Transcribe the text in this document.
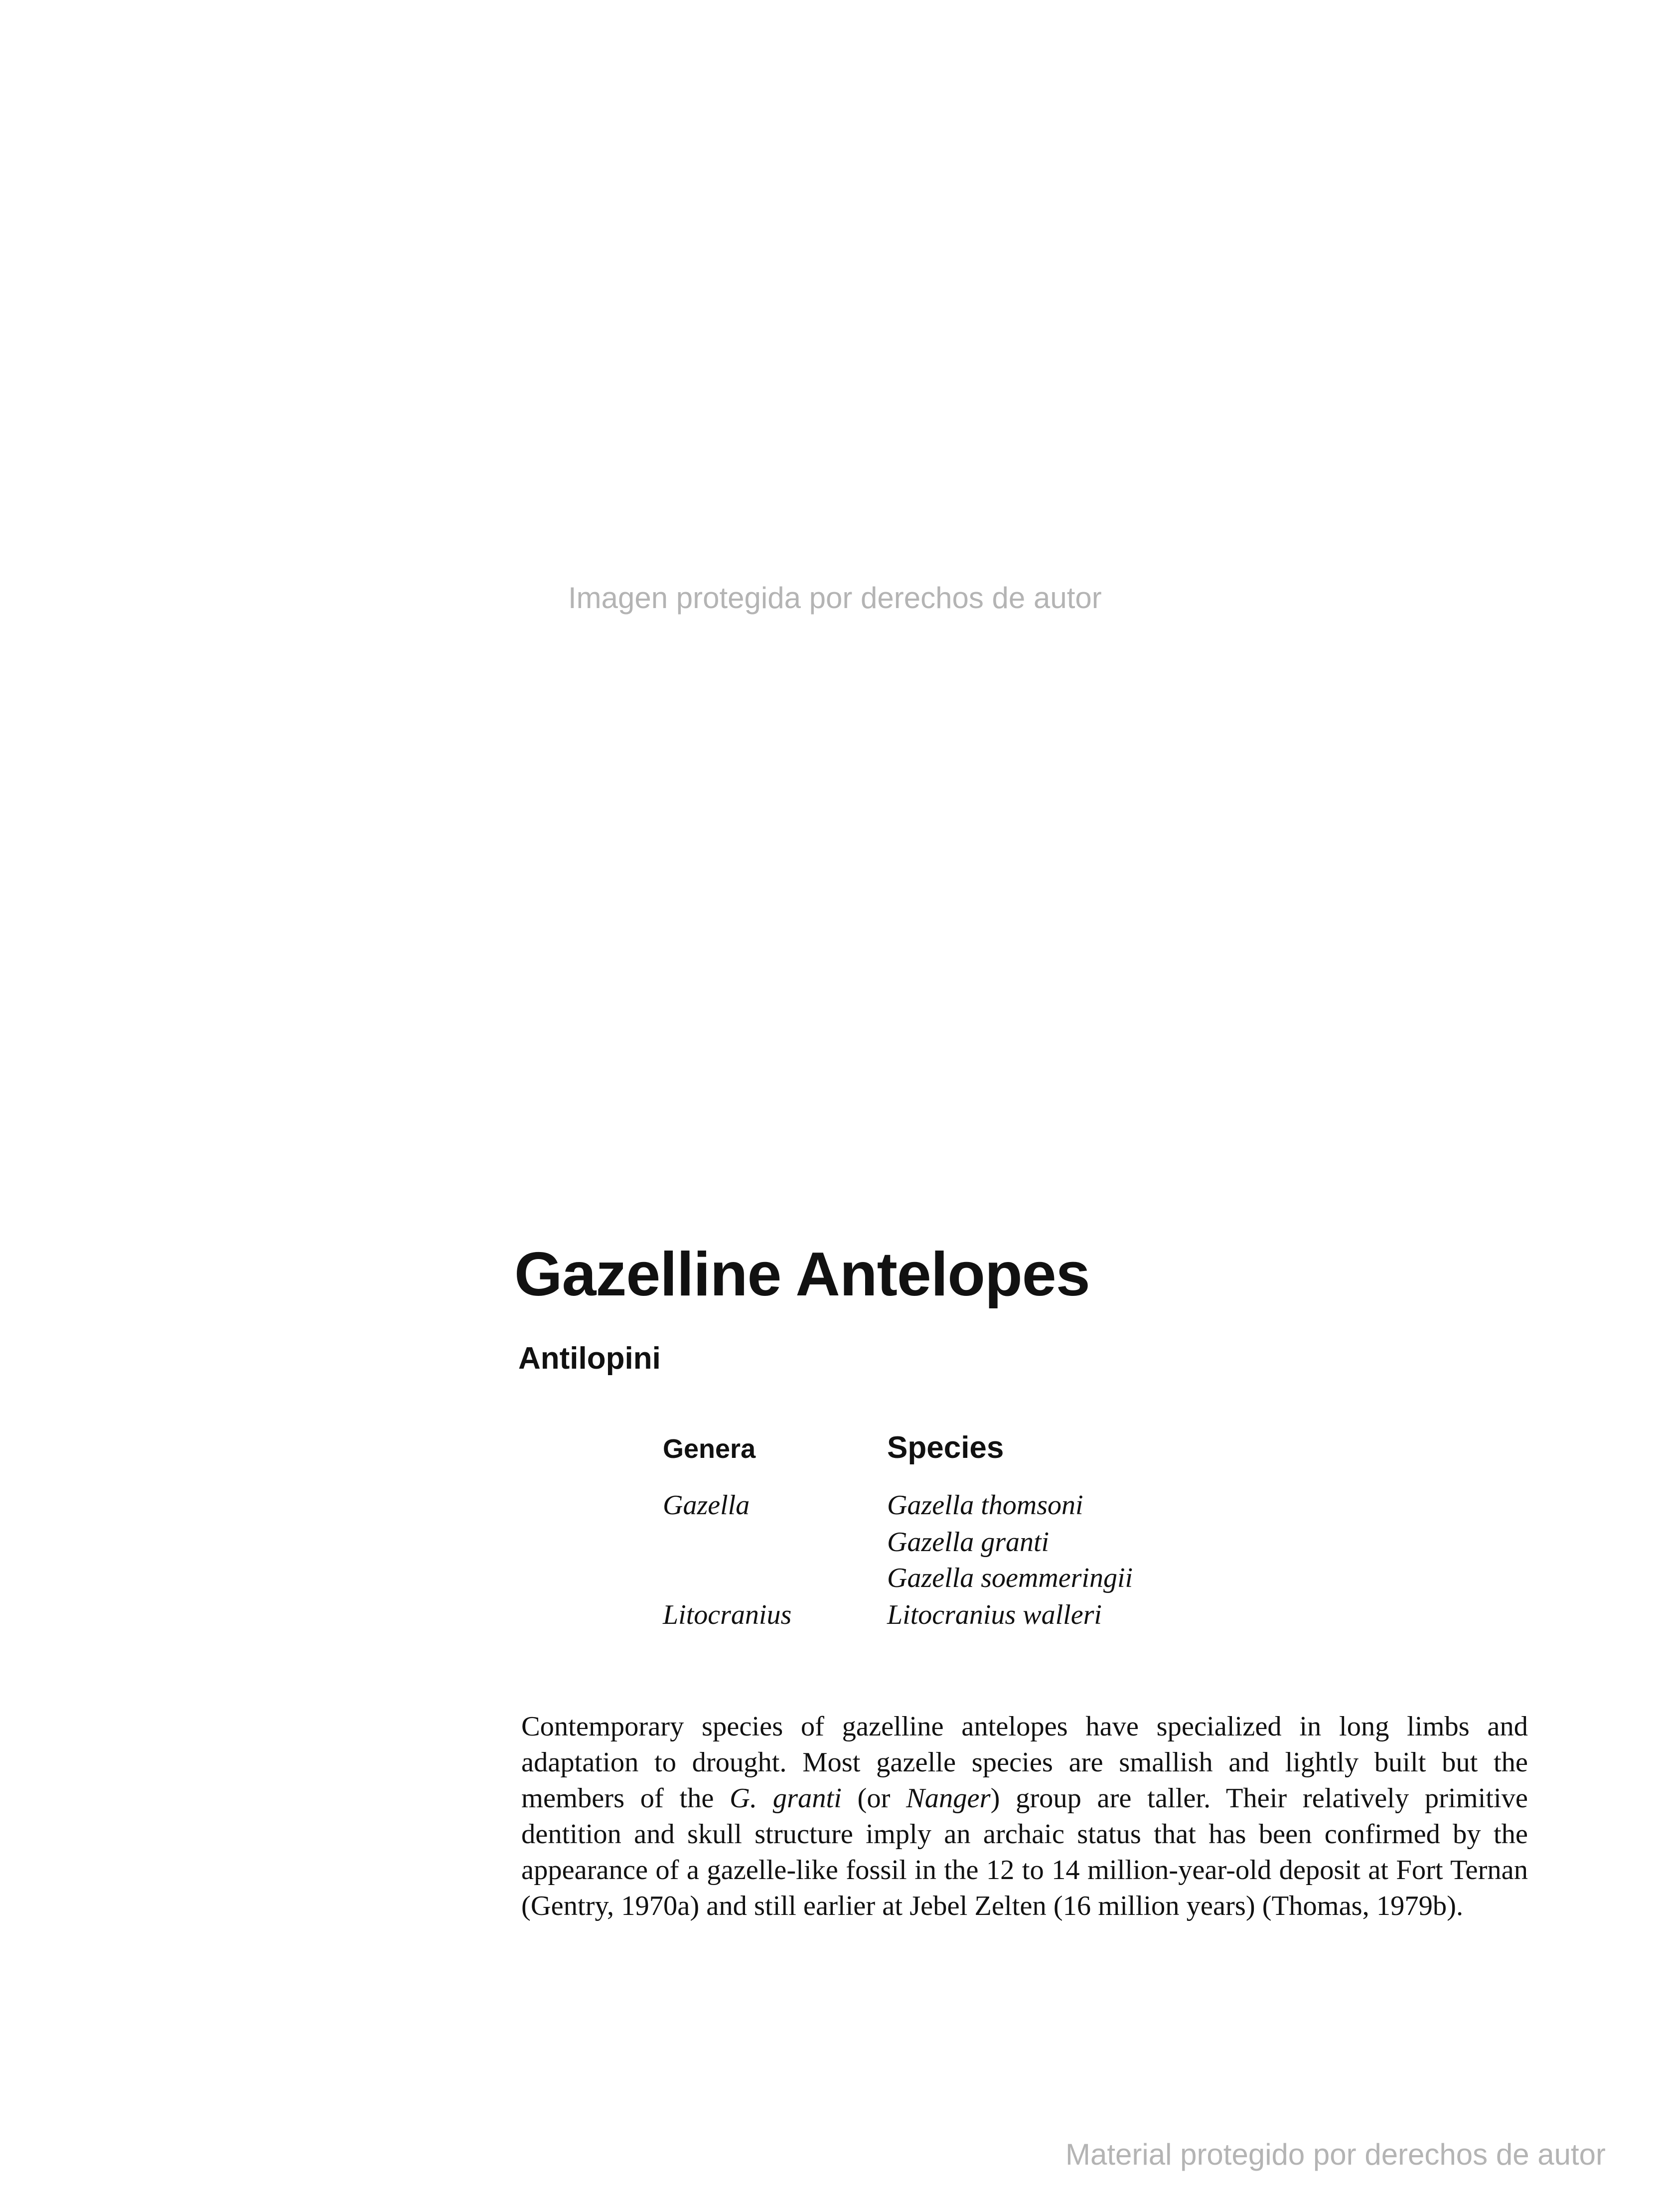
Imagen protegida por derechos de autor
Gazelline Antelopes
Antilopini
Genera
Gazella
Litocranius
Species
Gazella thomsoni
Gazella granti
Gazella soemmeringii
Litocranius walleri

Contemporary species of gazelline antelopes have specialized in long limbs and adaptation to drought. Most gazelle species are smallish and lightly built but the members of the G. granti (or Nanger) group are taller. Their relatively primitive dentition and skull structure imply an archaic status that has been confirmed by the appearance of a gazelle-like fossil in the 12 to 14 million-year-old deposit at Fort Ternan (Gentry, 1970a) and still earlier at Jebel Zelten (16 million years) (Thomas, 1979b).

Material protegido por derechos de autor
